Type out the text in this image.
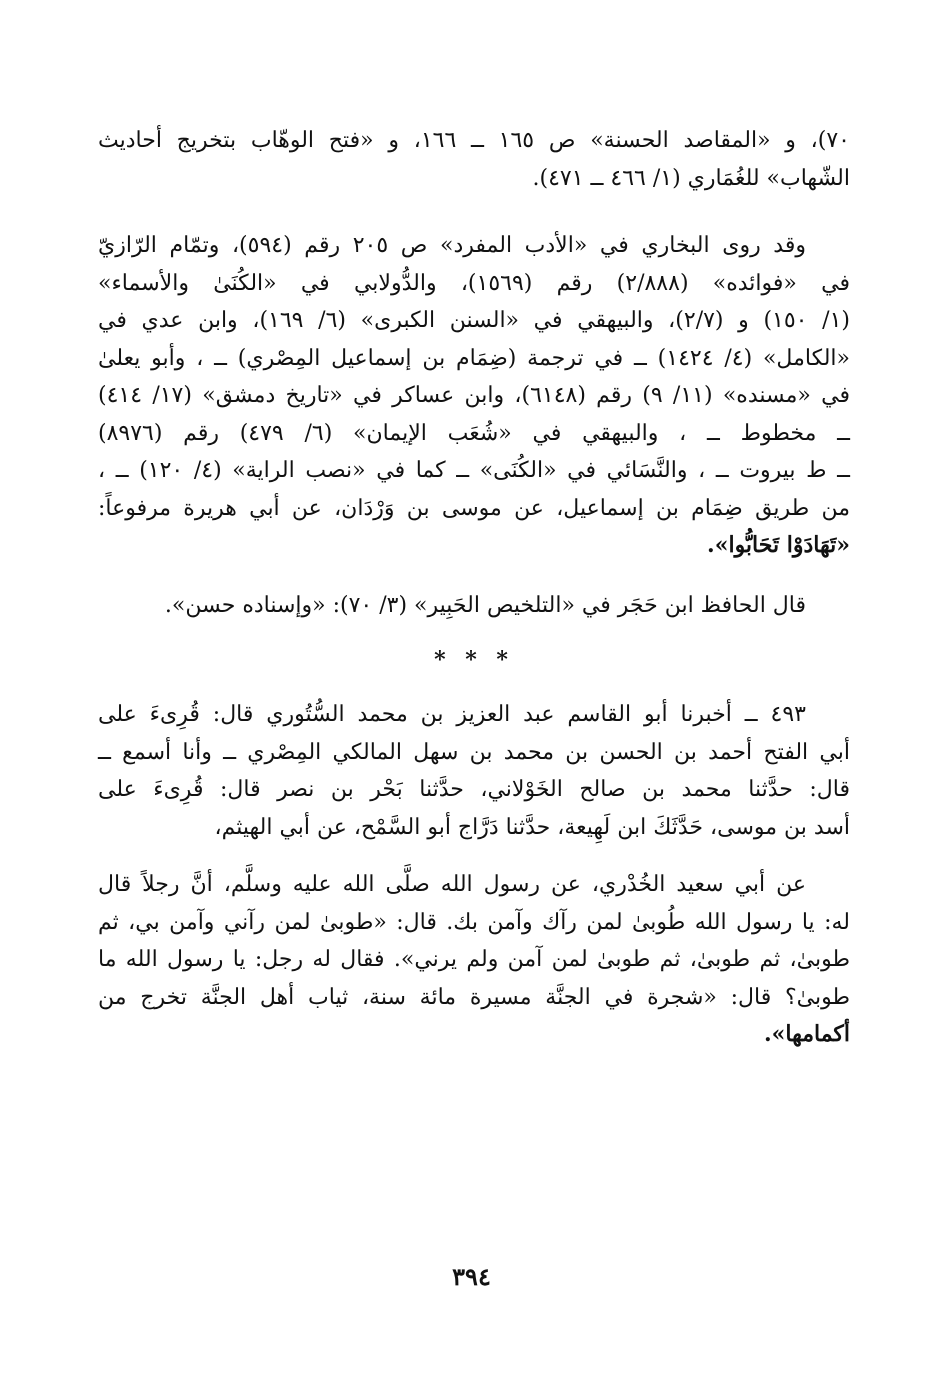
٧٠)، و «المقاصد الحسنة» ص ١٦٥ ــ ١٦٦، و «فتح الوهّاب بتخريج أحاديث
الشّهاب» للغُمَاري (١/ ٤٦٦ ــ ٤٧١).
وقد روى البخاري في «الأدب المفرد» ص ٢٠٥ رقم (٥٩٤)، وتمّام الرّازيّ
في «فوائده» (٢/٨٨٨) رقم (١٥٦٩)، والدُّولابي في «الكُنَىٰ والأسماء»
(١/ ١٥٠) و (٢/٧)، والبيهقي في «السنن الكبرى» (٦/ ١٦٩)، وابن عدي في
«الكامل» (٤/ ١٤٢٤) ــ في ترجمة (ضِمَام بن إسماعيل المِصْري) ــ ، وأبو يعلىٰ
في «مسنده» (١١/ ٩) رقم (٦١٤٨)، وابن عساكر في «تاريخ دمشق» (١٧/ ٤١٤)
ــ مخطوط ــ ، والبيهقي في «شُعَب الإيمان» (٦/ ٤٧٩) رقم (٨٩٧٦)
ــ ط بيروت ــ ، والنَّسَائي في «الكُنَى» ــ كما في «نصب الراية» (٤/ ١٢٠) ــ ،
من طريق ضِمَام بن إسماعيل، عن موسى بن وَرْدَان، عن أبي هريرة مرفوعاً:
«تَهَادَوْا تَحَابُّوا».
قال الحافظ ابن حَجَر في «التلخيص الحَبِير» (٣/ ٧٠): «وإسناده حسن».
* * *
٤٩٣ ــ أخبرنا أبو القاسم عبد العزيز بن محمد السُّتُوري قال: قُرِىءَ على
أبي الفتح أحمد بن الحسن بن محمد بن سهل المالكي المِصْري ــ وأنا أسمع ــ
قال: حدَّثنا محمد بن صالح الخَوْلاني، حدَّثنا بَحْر بن نصر قال: قُرِىءَ على
أسد بن موسى، حَدَّثَكَ ابن لَهِيعة، حدَّثنا دَرَّاج أبو السَّمْح، عن أبي الهيثم،
عن أبي سعيد الخُدْري، عن رسول الله صلَّى الله عليه وسلَّم، أنَّ رجلاً قال
له: يا رسول الله طُوبىٰ لمن رآك وآمن بك. قال: «طوبىٰ لمن رآني وآمن بي، ثم
طوبىٰ، ثم طوبىٰ، ثم طوبىٰ لمن آمن ولم يرني». فقال له رجل: يا رسول الله ما
طوبىٰ؟ قال: «شجرة في الجنَّة مسيرة مائة سنة، ثياب أهل الجنَّة تخرج من
أكمامها».
٣٩٤
